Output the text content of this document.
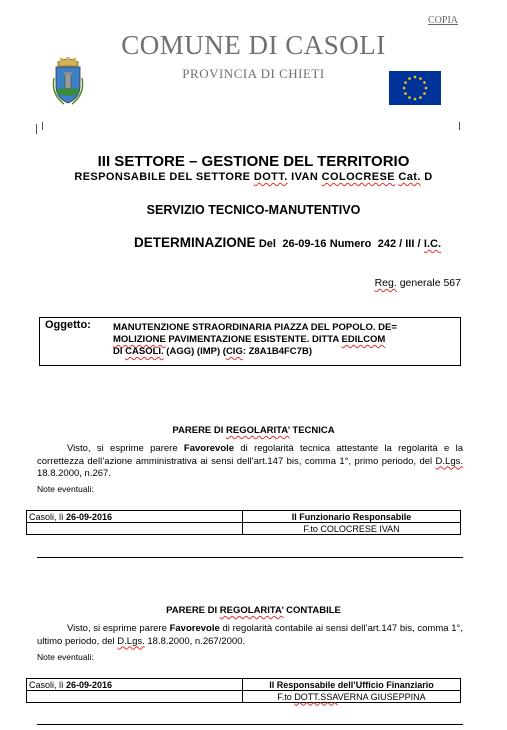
COPIA
COMUNE DI CASOLI
PROVINCIA DI CHIETI
III SETTORE – GESTIONE DEL TERRITORIO
RESPONSABILE DEL SETTORE DOTT. IVAN COLOCRESE Cat. D
SERVIZIO TECNICO-MANUTENTIVO
DETERMINAZIONE Del 26-09-16 Numero 242 / III / I.C.
Reg. generale 567
Oggetto: MANUTENZIONE STRAORDINARIA PIAZZA DEL POPOLO. DE=
MOLIZIONE PAVIMENTAZIONE ESISTENTE. DITTA EDILCOM
DI CASOLI. (AGG) (IMP) (CIG: Z8A1B4FC7B)
PARERE DI REGOLARITA’ TECNICA
Visto, si esprime parere Favorevole di regolarità tecnica attestante la regolarità e la correttezza dell’azione amministrativa ai sensi dell’art.147 bis, comma 1°, primo periodo, del D.Lgs. 18.8.2000, n.267.
Note eventuali:
Casoli, lì 26-09-2016	Il Funzionario Responsabile
	F.to COLOCRESE IVAN
PARERE DI REGOLARITA’ CONTABILE
Visto, si esprime parere Favorevole di regolarità contabile ai sensi dell’art.147 bis, comma 1°, ultimo periodo, del D.Lgs. 18.8.2000, n.267/2000.
Note eventuali:
Casoli, lì 26-09-2016	Il Responsabile dell’Ufficio Finanziario
	F.to DOTT.SSAVERNA GIUSEPPINA
